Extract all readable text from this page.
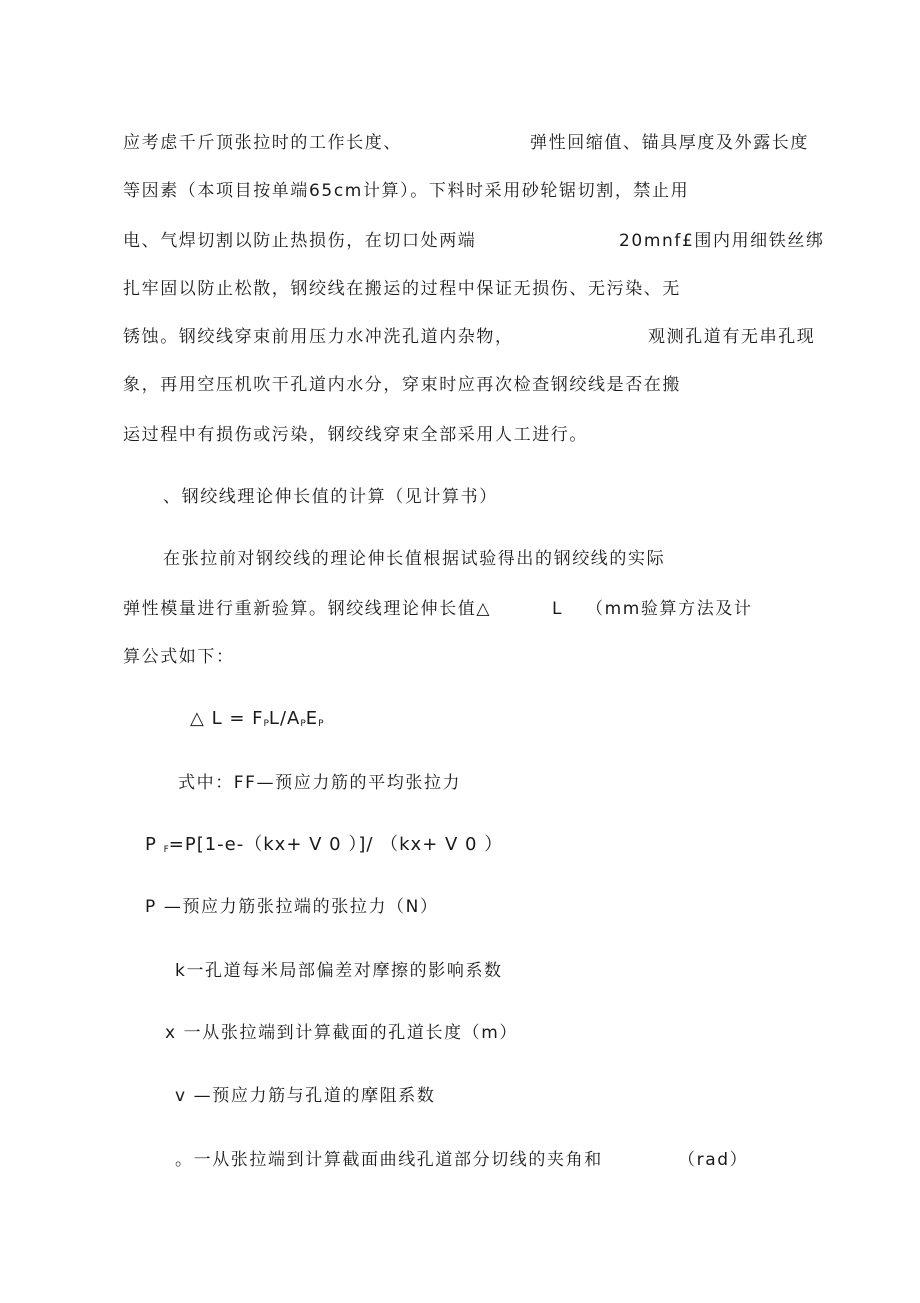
应考虑千斤顶张拉时的工作长度、	弹性回缩值、锚具厚度及外露长度
等因素（本项目按单端65cm计算）。下料时采用砂轮锯切割，禁止用
电、气焊切割以防止热损伤，在切口处两端	20mnf£围内用细铁丝绑
扎牢固以防止松散，钢绞线在搬运的过程中保证无损伤、无污染、无
锈蚀。钢绞线穿束前用压力水冲洗孔道内杂物，	观测孔道有无串孔现
象，再用空压机吹干孔道内水分，穿束时应再次检查钢绞线是否在搬
运过程中有损伤或污染，钢绞线穿束全部采用人工进行。
、钢绞线理论伸长值的计算（见计算书）
在张拉前对钢绞线的理论伸长值根据试验得出的钢绞线的实际
弹性模量进行重新验算。钢绞线理论伸长值△	L （mm验算方法及计
算公式如下：
△ $L = F_PL/A_PE_P$
式中：FF—预应力筋的平均张拉力
P $_F$=P[1-e-（kx+ V 0 ）]/ （kx+ V 0 ）
P —预应力筋张拉端的张拉力（N）
k一孔道每米局部偏差对摩擦的影响系数
x 一从张拉端到计算截面的孔道长度（m）
v —预应力筋与孔道的摩阻系数
。一从张拉端到计算截面曲线孔道部分切线的夹角和	（rad）
